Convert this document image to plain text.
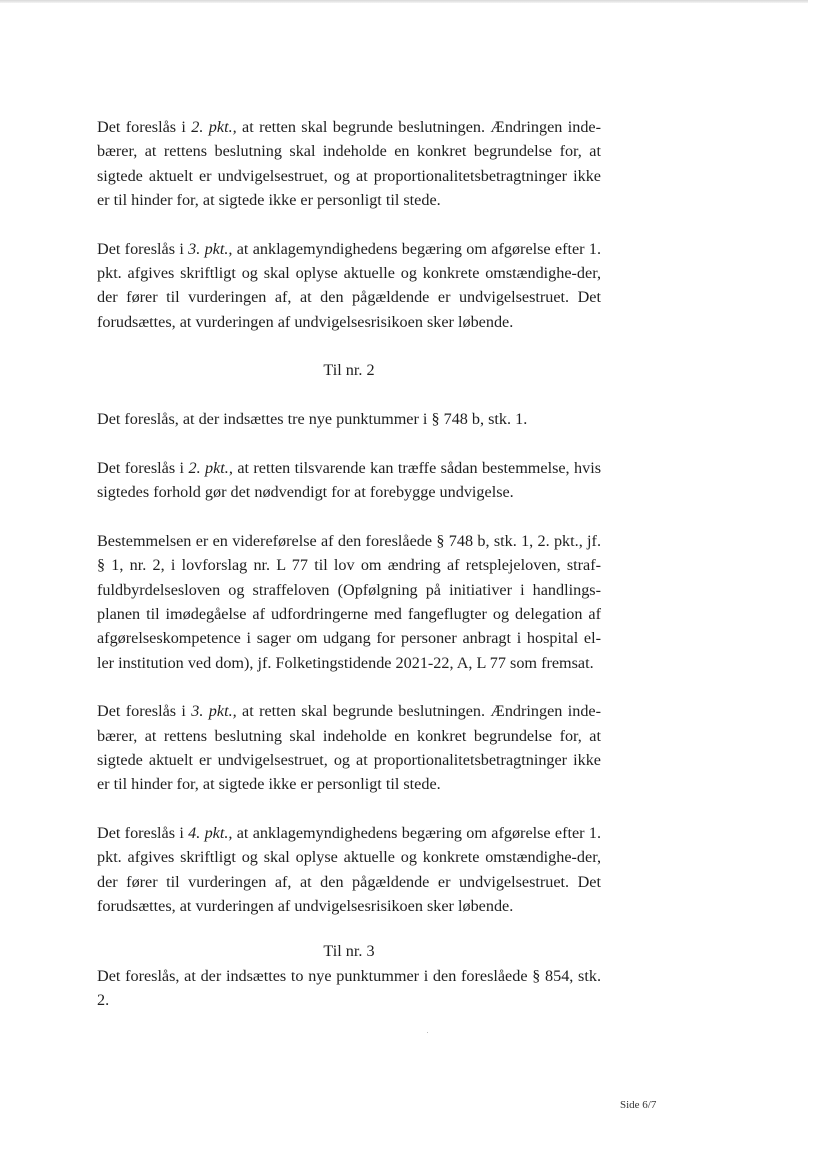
Det foreslås i 2. pkt., at retten skal begrunde beslutningen. Ændringen inde-bærer, at rettens beslutning skal indeholde en konkret begrundelse for, at sigtede aktuelt er undvigelsestruet, og at proportionalitetsbetragtninger ikke er til hinder for, at sigtede ikke er personligt til stede.

Det foreslås i 3. pkt., at anklagemyndighedens begæring om afgørelse efter 1. pkt. afgives skriftligt og skal oplyse aktuelle og konkrete omstændighe-der, der fører til vurderingen af, at den pågældende er undvigelsestruet. Det forudsættes, at vurderingen af undvigelsesrisikoen sker løbende.

Til nr. 2

Det foreslås, at der indsættes tre nye punktummer i § 748 b, stk. 1.

Det foreslås i 2. pkt., at retten tilsvarende kan træffe sådan bestemmelse, hvis sigtedes forhold gør det nødvendigt for at forebygge undvigelse.

Bestemmelsen er en videreførelse af den foreslåede § 748 b, stk. 1, 2. pkt., jf. § 1, nr. 2, i lovforslag nr. L 77 til lov om ændring af retsplejeloven, straf-fuldbyrdelsesloven og straffeloven (Opfølgning på initiativer i handlings-planen til imødegåelse af udfordringerne med fangeflugter og delegation af afgørelseskompetence i sager om udgang for personer anbragt i hospital el-ler institution ved dom), jf. Folketingstidende 2021-22, A, L 77 som fremsat.

Det foreslås i 3. pkt., at retten skal begrunde beslutningen. Ændringen inde-bærer, at rettens beslutning skal indeholde en konkret begrundelse for, at sigtede aktuelt er undvigelsestruet, og at proportionalitetsbetragtninger ikke er til hinder for, at sigtede ikke er personligt til stede.

Det foreslås i 4. pkt., at anklagemyndighedens begæring om afgørelse efter 1. pkt. afgives skriftligt og skal oplyse aktuelle og konkrete omstændighe-der, der fører til vurderingen af, at den pågældende er undvigelsestruet. Det forudsættes, at vurderingen af undvigelsesrisikoen sker løbende.

Til nr. 3

Det foreslås, at der indsættes to nye punktummer i den foreslåede § 854, stk. 2.

Side 6/7
